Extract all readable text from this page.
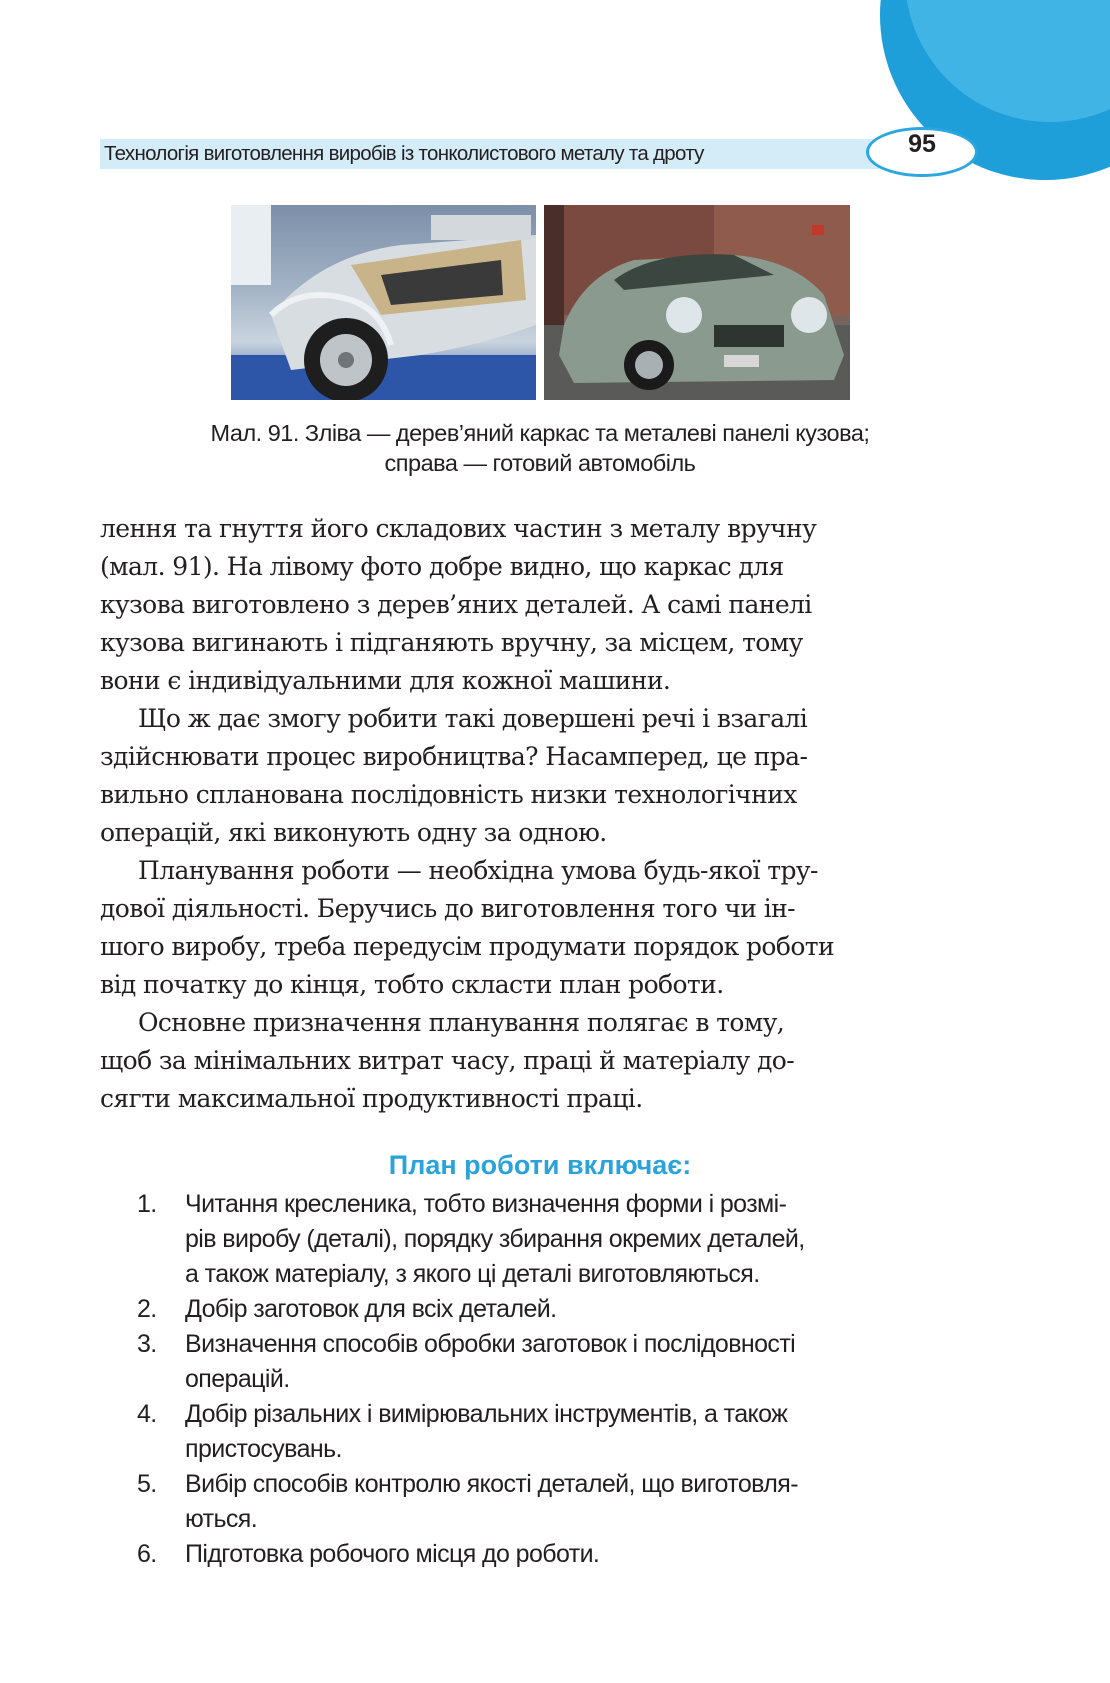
Технологія виготовлення виробів із тонколистового металу та дроту	95
Мал. 91. Зліва — дерев’яний каркас та металеві панелі кузова;
справа — готовий автомобіль

лення та гнуття його складових частин з металу вручну
(мал. 91). На лівому фото добре видно, що каркас для
кузова виготовлено з дерев’яних деталей. А самі панелі
кузова вигинають і підганяють вручну, за місцем, тому
вони є індивідуальними для кожної машини.

Що ж дає змогу робити такі довершені речі і взагалі
здійснювати процес виробництва? Насамперед, це пра-
вильно спланована послідовність низки технологічних
операцій, які виконують одну за одною.

Планування роботи — необхідна умова будь-якої тру-
дової діяльності. Беручись до виготовлення того чи ін-
шого виробу, треба передусім продумати порядок роботи
від початку до кінця, тобто скласти план роботи.

Основне призначення планування полягає в тому,
щоб за мінімальних витрат часу, праці й матеріалу до-
сягти максимальної продуктивності праці.

План роботи включає:
1. Читання кресленика, тобто визначення форми і розмі-
рів виробу (деталі), порядку збирання окремих деталей,
а також матеріалу, з якого ці деталі виготовляються.
2. Добір заготовок для всіх деталей.
3. Визначення способів обробки заготовок і послідовності
операцій.
4. Добір різальних і вимірювальних інструментів, а також
пристосувань.
5. Вибір способів контролю якості деталей, що виготовля-
ються.
6. Підготовка робочого місця до роботи.
